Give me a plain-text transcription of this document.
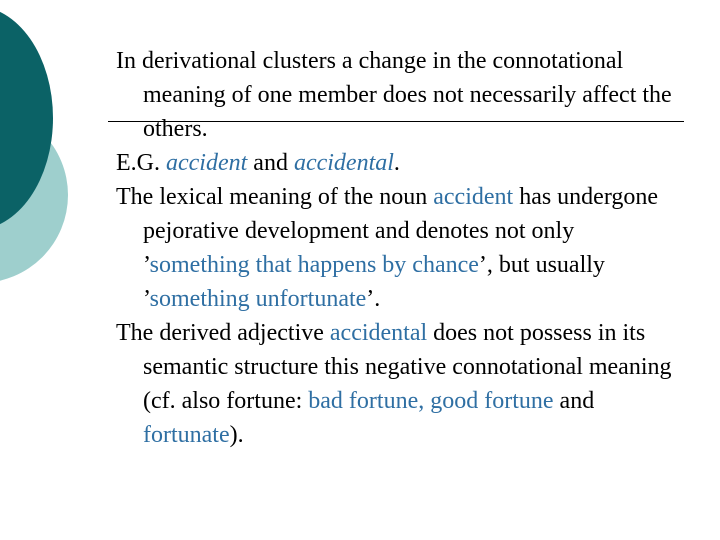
In derivational clusters a change in the connotational meaning of one member does not necessarily affect the others.

E.G. accident and accidental.

The lexical meaning of the noun accident has undergone pejorative development and denotes not only ’something that happens by chance’, but usually ’something unfortunate’.

The derived adjective accidental does not possess in its semantic structure this negative connotational meaning (cf. also fortune: bad fortune, good fortune and fortunate).
